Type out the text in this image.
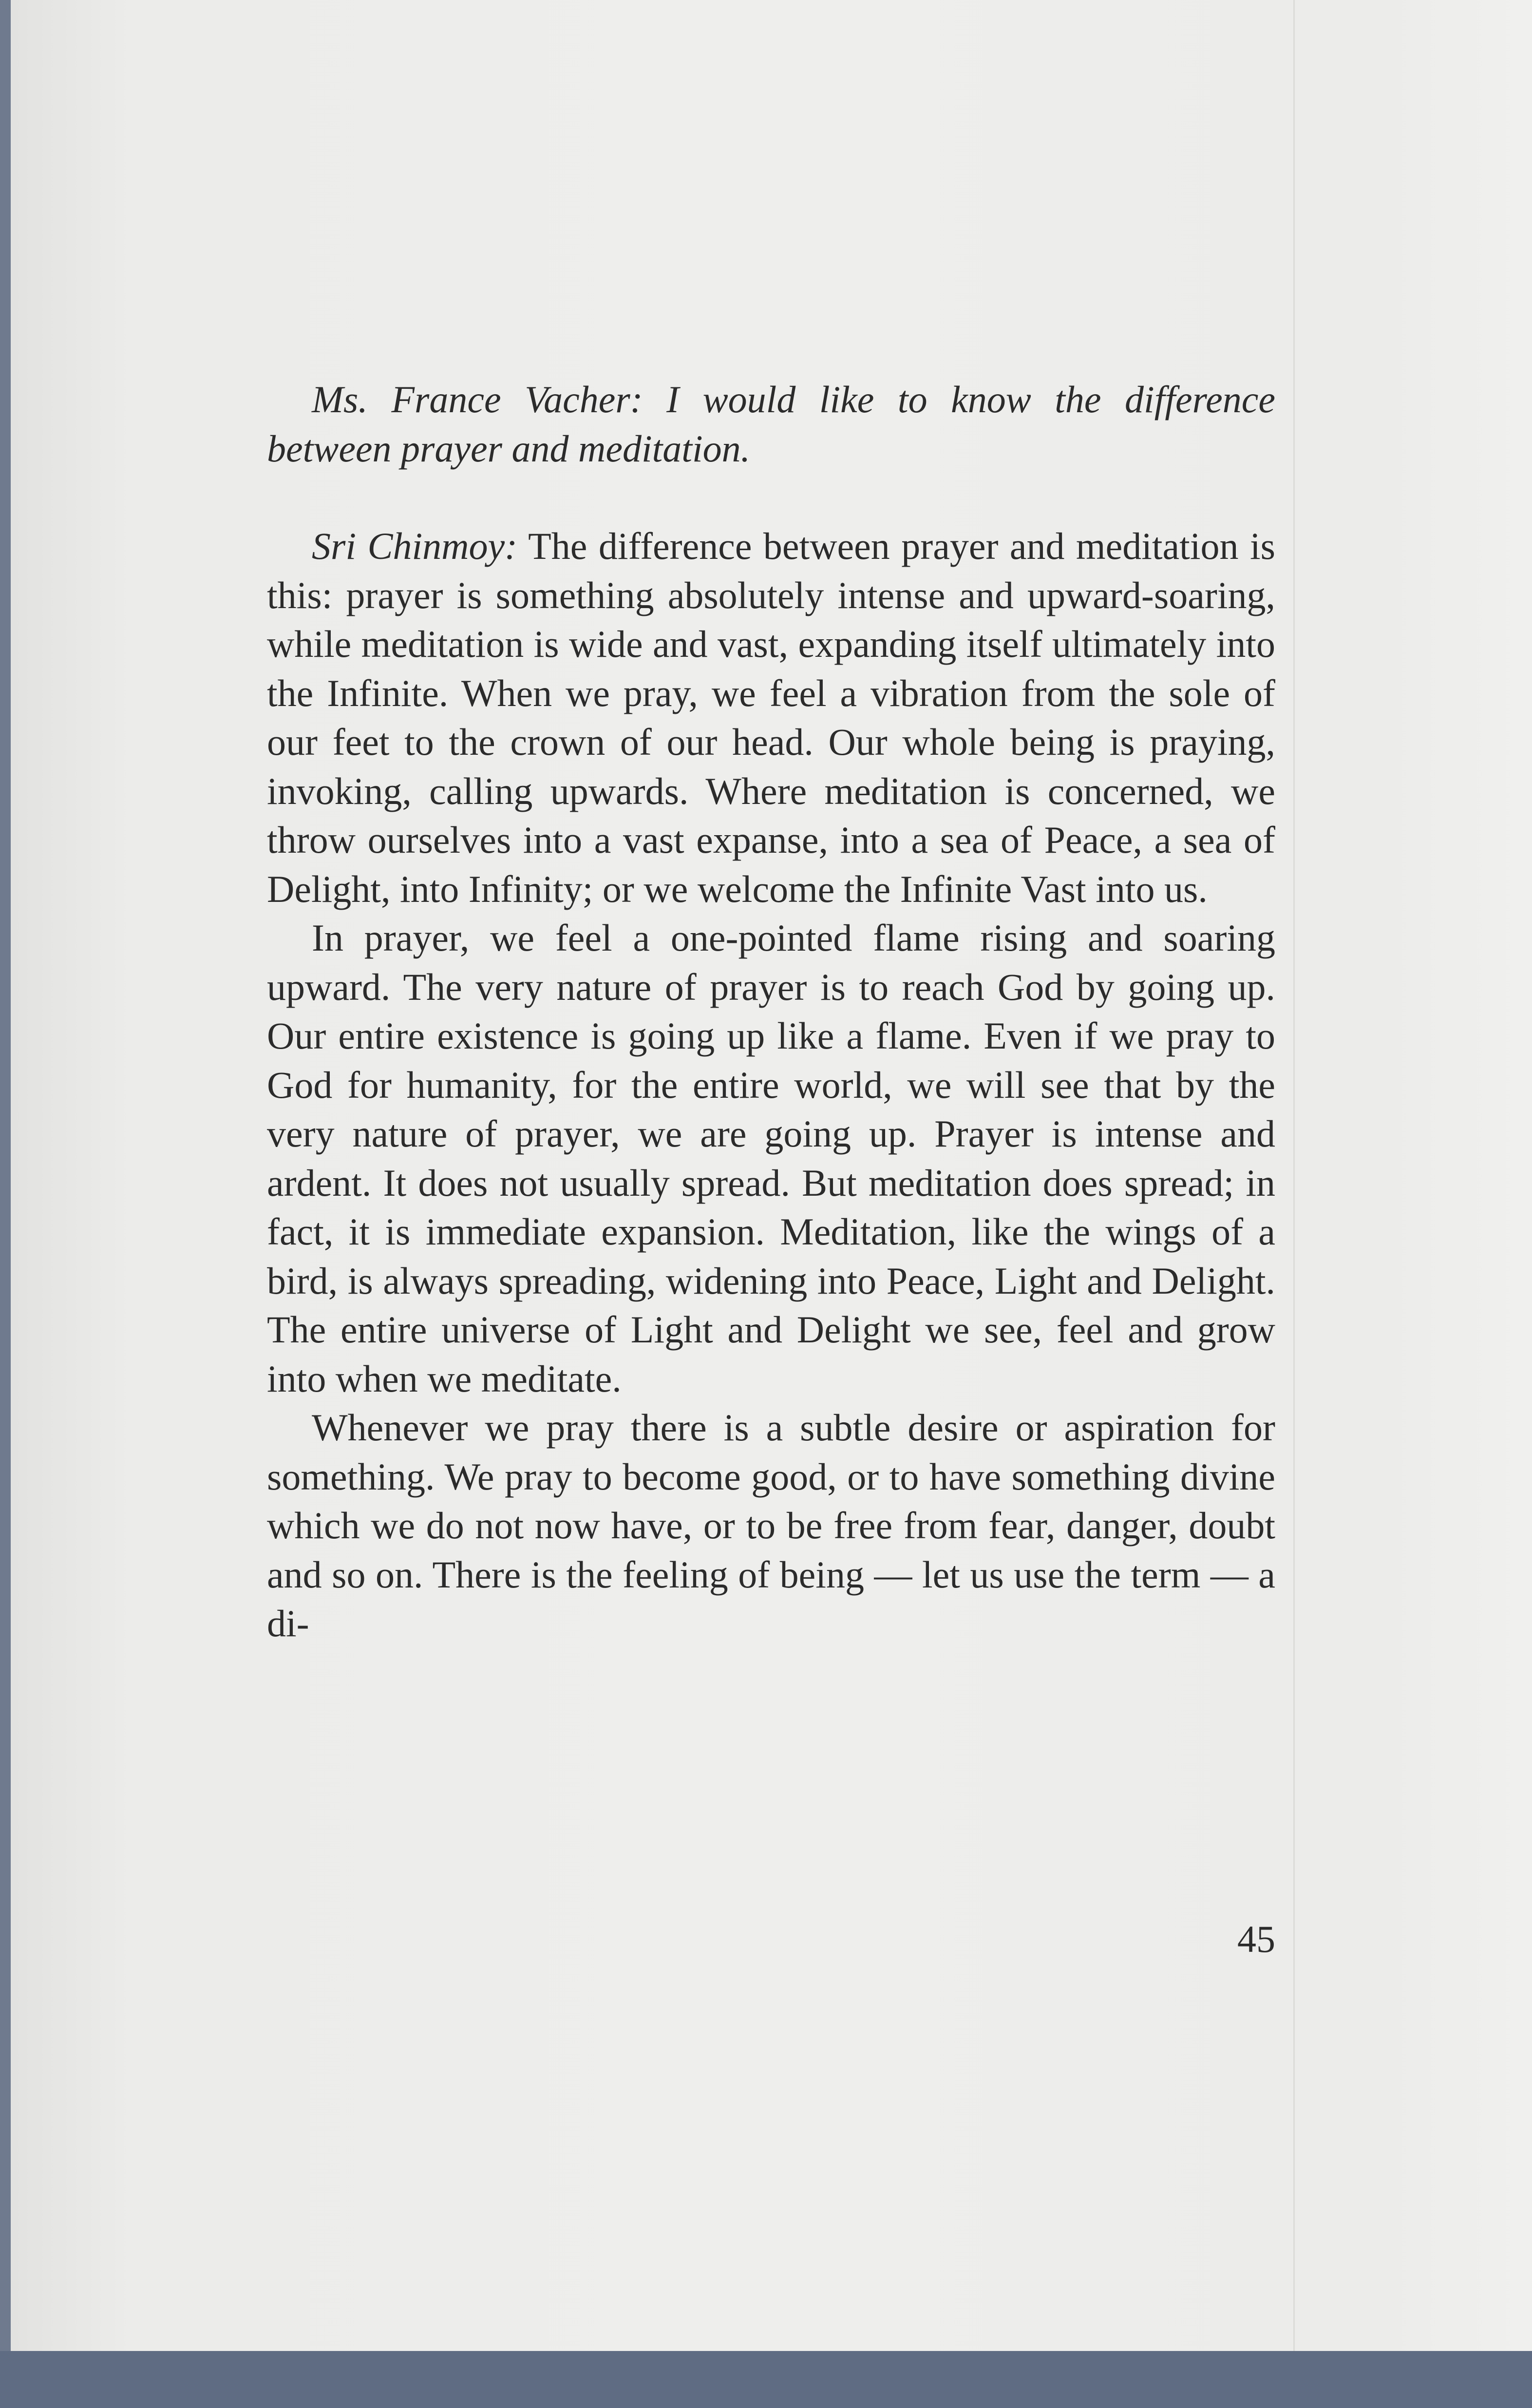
Ms. France Vacher: I would like to know the difference between prayer and meditation.

Sri Chinmoy: The difference between prayer and meditation is this: prayer is something absolutely intense and upward-soaring, while meditation is wide and vast, expanding itself ultimately into the Infinite. When we pray, we feel a vibration from the sole of our feet to the crown of our head. Our whole being is praying, invoking, calling upwards. Where meditation is concerned, we throw ourselves into a vast expanse, into a sea of Peace, a sea of Delight, into Infinity; or we welcome the Infinite Vast into us.

In prayer, we feel a one-pointed flame rising and soaring upward. The very nature of prayer is to reach God by going up. Our entire existence is going up like a flame. Even if we pray to God for humanity, for the entire world, we will see that by the very nature of prayer, we are going up. Prayer is intense and ardent. It does not usually spread. But meditation does spread; in fact, it is immediate expansion. Meditation, like the wings of a bird, is always spreading, widening into Peace, Light and Delight. The entire universe of Light and Delight we see, feel and grow into when we meditate.

Whenever we pray there is a subtle desire or aspiration for something. We pray to become good, or to have something divine which we do not now have, or to be free from fear, danger, doubt and so on. There is the feeling of being — let us use the term — a di-

45
